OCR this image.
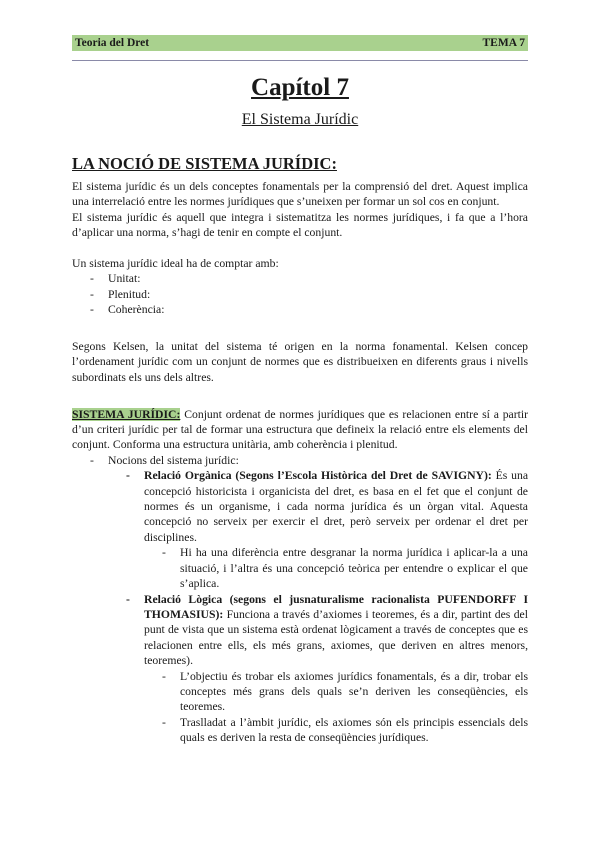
Teoria del Dret	TEMA 7
Capítol 7
El Sistema Jurídic
LA NOCIÓ DE SISTEMA JURÍDIC:

El sistema jurídic és un dels conceptes fonamentals per la comprensió del dret. Aquest implica una interrelació entre les normes jurídiques que s’uneixen per formar un sol cos en conjunt.

El sistema jurídic és aquell que integra i sistematitza les normes jurídiques, i fa que a l’hora d’aplicar una norma, s’hagi de tenir en compte el conjunt.

Un sistema jurídic ideal ha de comptar amb:

- Unitat:
- Plenitud:
- Coherència:

Segons Kelsen, la unitat del sistema té origen en la norma fonamental. Kelsen concep l’ordenament jurídic com un conjunt de normes que es distribueixen en diferents graus i nivells subordinats els uns dels altres.

SISTEMA JURÍDIC: Conjunt ordenat de normes jurídiques que es relacionen entre sí a partir d’un criteri jurídic per tal de formar una estructura que defineix la relació entre els elements del conjunt. Conforma una estructura unitària, amb coherència i plenitud.

- Nocions del sistema jurídic:
- Relació Orgànica (Segons l’Escola Històrica del Dret de SAVIGNY): És una concepció historicista i organicista del dret, es basa en el fet que el conjunt de normes és un organisme, i cada norma jurídica és un òrgan vital. Aquesta concepció no serveix per exercir el dret, però serveix per ordenar el dret per disciplines.
- Hi ha una diferència entre desgranar la norma jurídica i aplicar-la a una situació, i l’altra és una concepció teòrica per entendre o explicar el que s’aplica.
- Relació Lògica (segons el jusnaturalisme racionalista PUFENDORFF I THOMASIUS): Funciona a través d’axiomes i teoremes, és a dir, partint des del punt de vista que un sistema està ordenat lògicament a través de conceptes que es relacionen entre ells, els més grans, axiomes, que deriven en altres menors, teoremes).
- L’objectiu és trobar els axiomes jurídics fonamentals, és a dir, trobar els conceptes més grans dels quals se’n deriven les conseqüències, els teoremes.
- Traslladat a l’àmbit jurídic, els axiomes són els principis essencials dels quals es deriven la resta de conseqüències jurídiques.
